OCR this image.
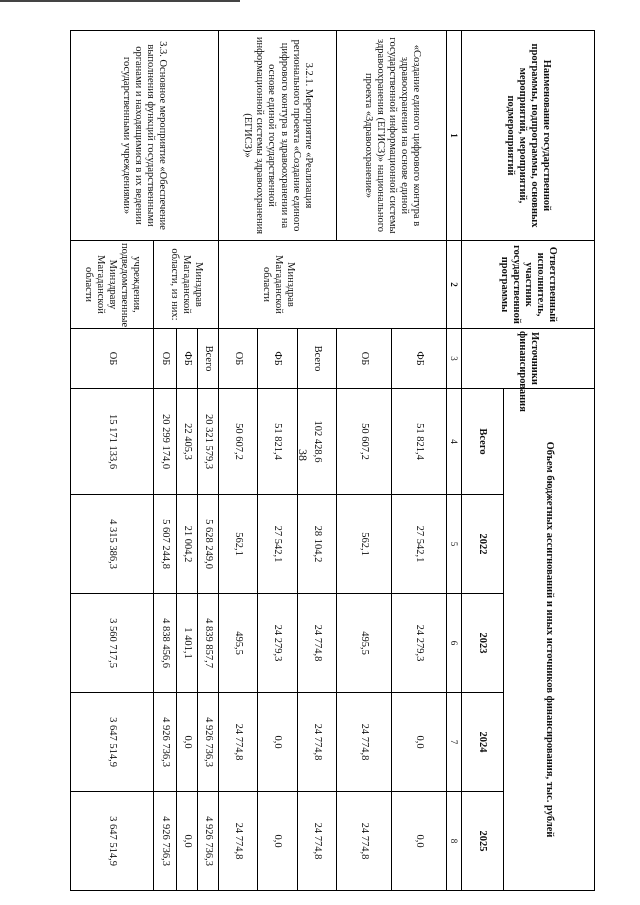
38
Наименование государственной программы, подпрограммы, основных мероприятий, мероприятий, подмероприятий	Ответственный исполнитель, участник государственной программы	Источники финансирования	Объем бюджетных ассигнований и иных источников финансирования, тыс. рублей				
			Всего	2022	2023	2024	2025
1	2	3	4	5	6	7	8
«Создание единого цифрового контура в здравоохранении на основе единой государственной информационной системы здравоохранения (ЕГИСЗ)» национального проекта «Здравоохранение»		ФБ	51 821,4	27 542,1	24 279,3	0,0	0,0
		ОБ	50 607,2	562,1	495,5	24 774,8	24 774,8
3.2.1. Мероприятие «Реализация регионального проекта «Создание единого цифрового контура в здравоохранении на основе единой государственной информационной системы здравоохранения (ЕГИСЗ)»	Минздрав Магаданской области	Всего	102 428,6	28 104,2	24 774,8	24 774,8	24 774,8
		ФБ	51 821,4	27 542,1	24 279,3	0,0	0,0
		ОБ	50 607,2	562,1	495,5	24 774,8	24 774,8
3.3. Основное мероприятие «Обеспечение выполнения функций государственными органами и находящимися в их ведении государственными учреждениями»	Минздрав Магаданской области, из них:	Всего	20 321 579,3	5 628 249,0	4 839 857,7	4 926 736,3	4 926 736,3
		ФБ	22 405,3	21 004,2	1 401,1	0,0	0,0
		ОБ	20 299 174,0	5 607 244,8	4 838 456,6	4 926 736,3	4 926 736,3
	учреждения, подведомственные Минздраву Магаданской области	ОБ	15 171 133,6	4 315 386,3	3 560 717,5	3 647 514,9	3 647 514,9
